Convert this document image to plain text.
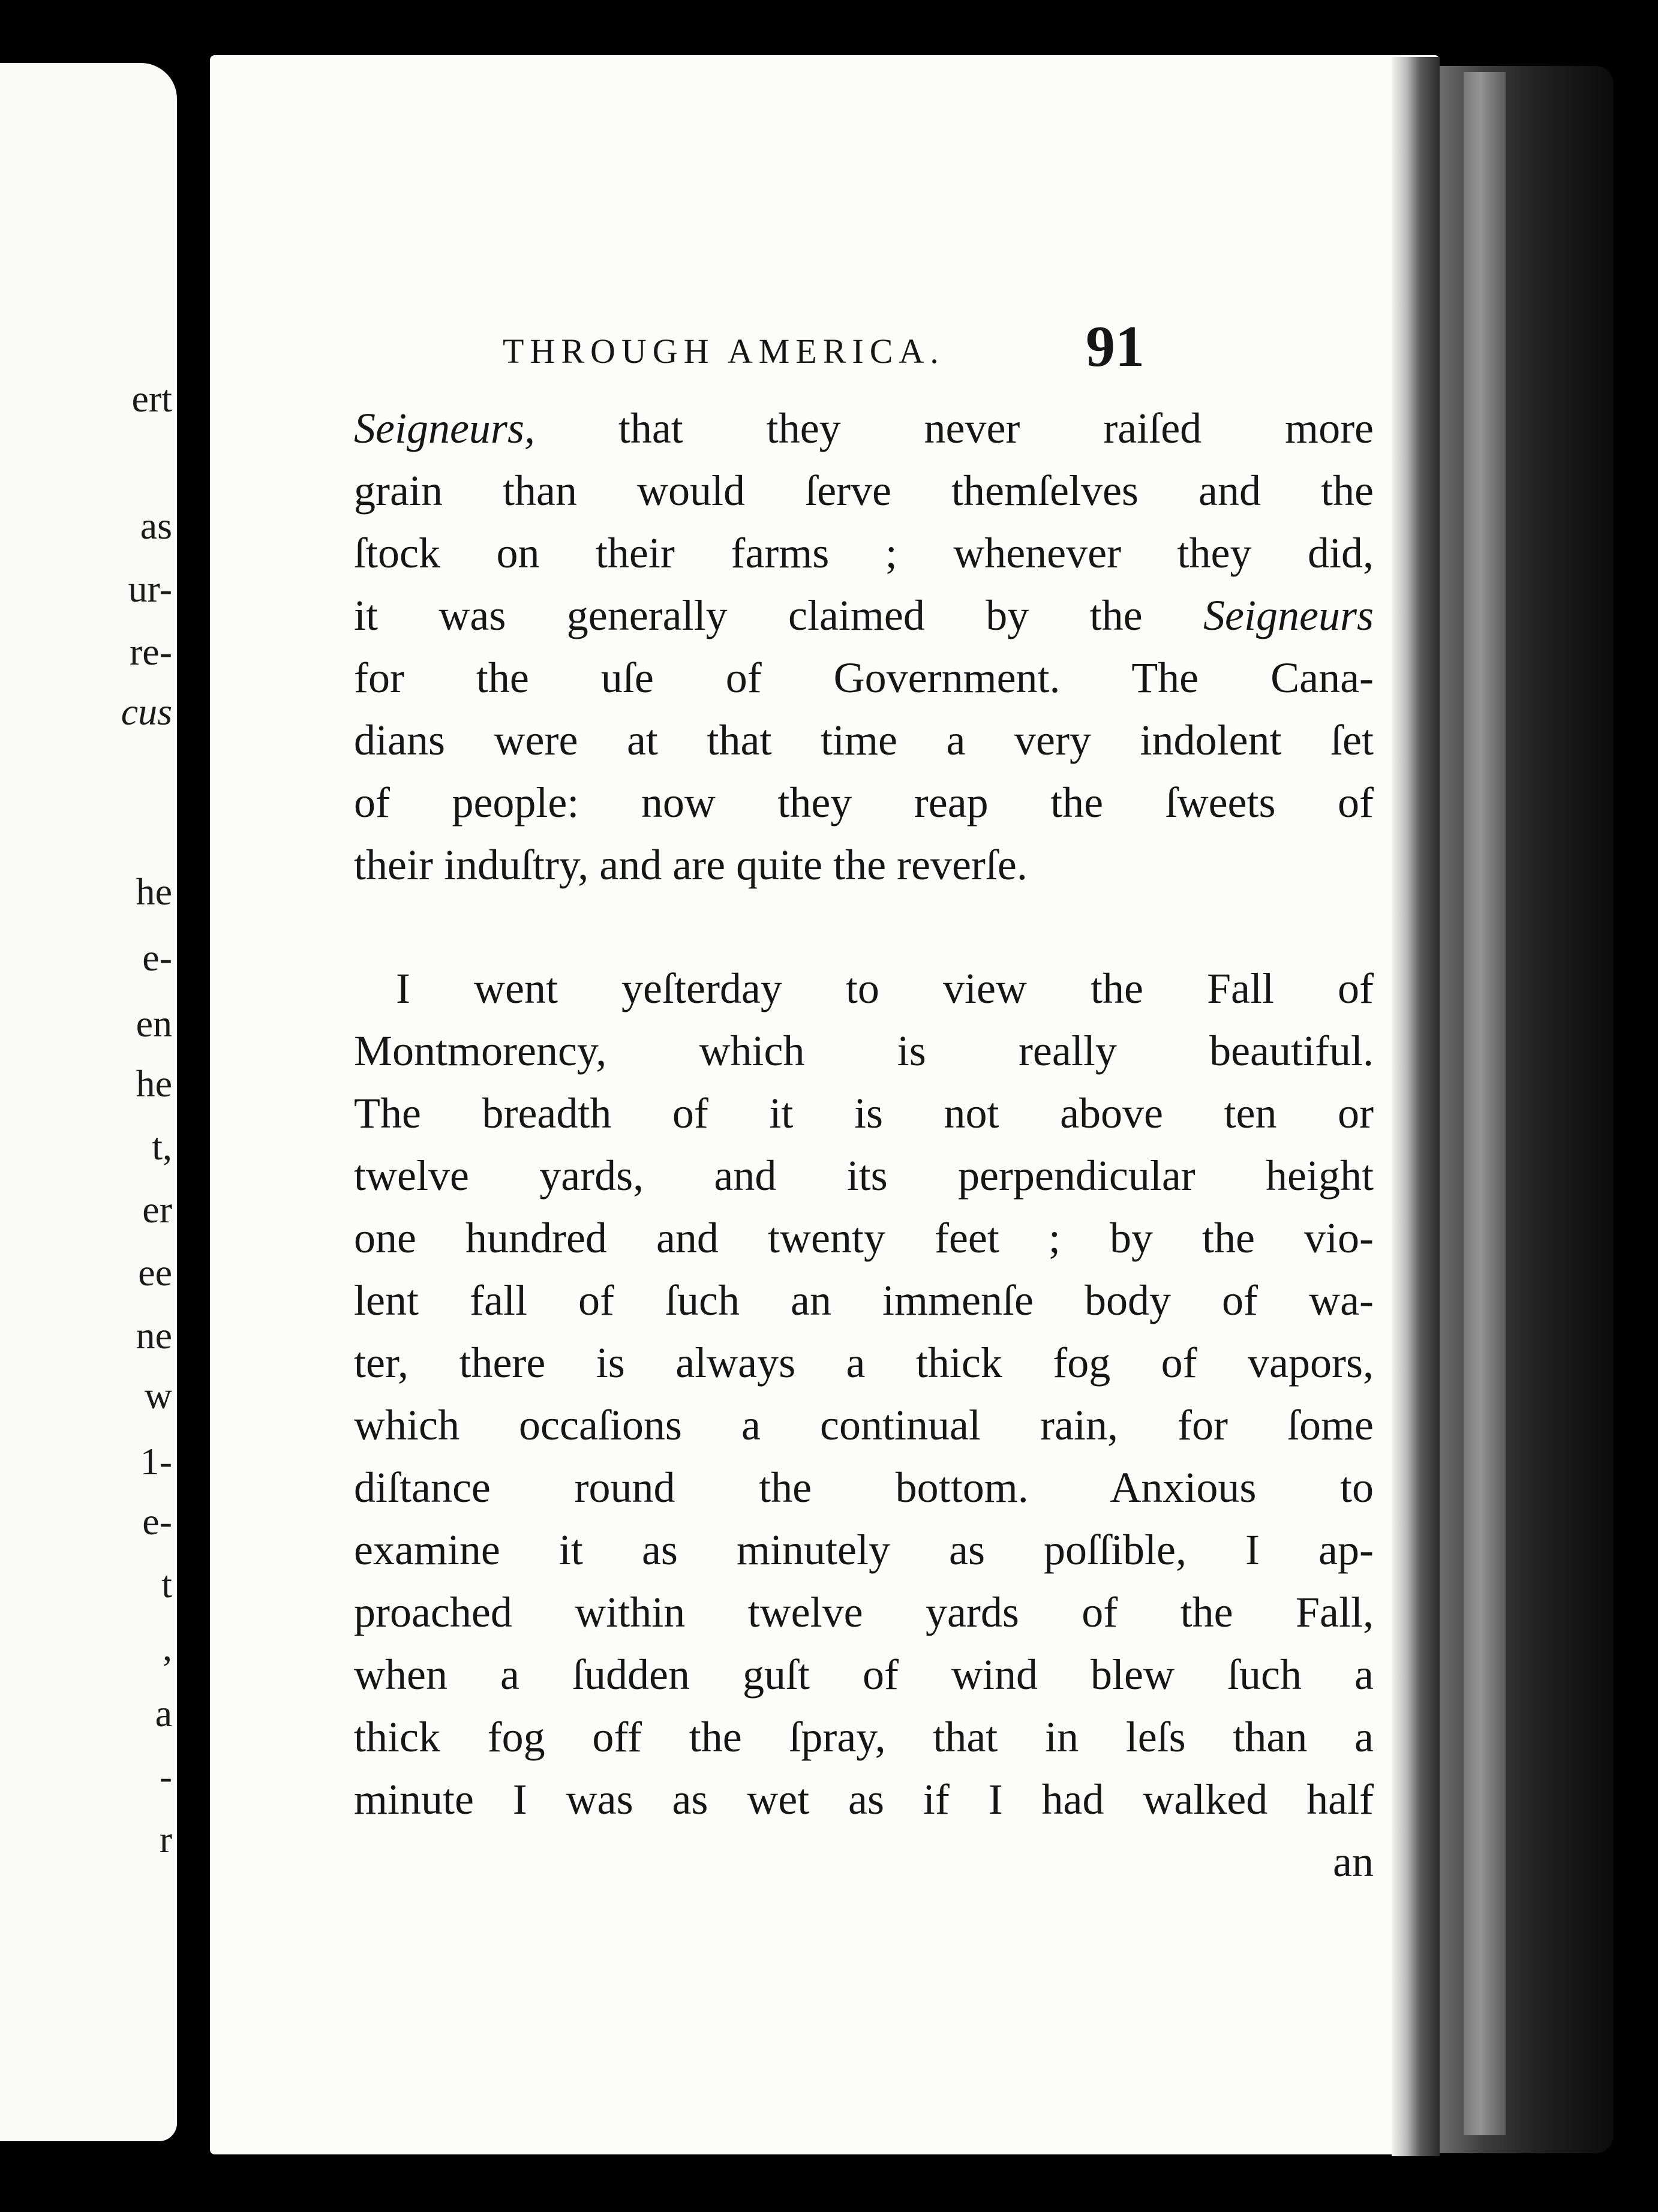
ert
as
ur-
re-
cus
he
e-
en
he
t,
er
ee
ne
w
1-
e-
t
,
a
-
r
THROUGH AMERICA. 91
Seigneurs, that they never raiſed more
grain than would ſerve themſelves and the
ſtock on their farms ; whenever they did,
it was generally claimed by the Seigneurs
for the uſe of Government. The Cana-
dians were at that time a very indolent ſet
of people: now they reap the ſweets of
their induſtry, and are quite the reverſe.
I went yeſterday to view the Fall of
Montmorency, which is really beautiful.
The breadth of it is not above ten or
twelve yards, and its perpendicular height
one hundred and twenty feet ; by the vio-
lent fall of ſuch an immenſe body of wa-
ter, there is always a thick fog of vapors,
which occaſions a continual rain, for ſome
diſtance round the bottom. Anxious to
examine it as minutely as poſſible, I ap-
proached within twelve yards of the Fall,
when a ſudden guſt of wind blew ſuch a
thick fog off the ſpray, that in leſs than a
minute I was as wet as if I had walked half
an
